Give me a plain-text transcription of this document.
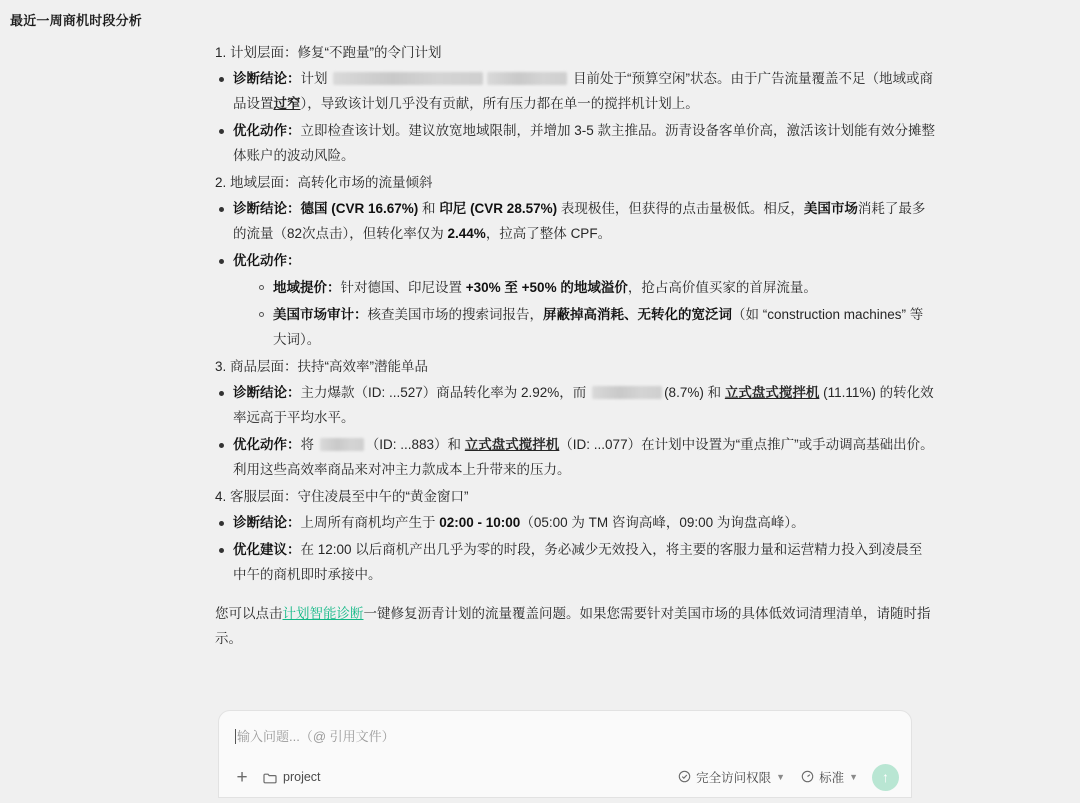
最近一周商机时段分析
1. 计划层面：修复“不跑量”的令门计划
诊断结论：计划	目前处于“预算空闲”状态。由于广告流量覆盖不足（地域或商品设置过窄），导致该计划几乎没有贡献，所有压力都在单一的搅拌机计划上。
优化动作：立即检查该计划。建议放宽地域限制，并增加 3-5 款主推品。沥青设备客单价高，激活该计划能有效分摊整体账户的波动风险。
2. 地域层面：高转化市场的流量倾斜
诊断结论：德国 (CVR 16.67%) 和 印尼 (CVR 28.57%) 表现极佳，但获得的点击量极低。相反，美国市场消耗了最多的流量（82次点击），但转化率仅为 2.44%，拉高了整体 CPF。
优化动作：
地域提价：针对德国、印尼设置 +30% 至 +50% 的地域溢价，抢占高价值买家的首屏流量。
美国市场审计：核查美国市场的搜索词报告，屏蔽掉高消耗、无转化的宽泛词（如 “construction machines” 等大词）。
3. 商品层面：扶持“高效率”潜能单品
诊断结论：主力爆款（ID: ...527）商品转化率为 2.92%，而	(8.7%) 和 立式盘式搅拌机 (11.11%) 的转化效率远高于平均水平。
优化动作：将	（ID: ...883）和 立式盘式搅拌机（ID: ...077）在计划中设置为“重点推广”或手动调高基础出价。利用这些高效率商品来对冲主力款成本上升带来的压力。
4. 客服层面：守住凌晨至中午的“黄金窗口”
诊断结论：上周所有商机均产生于 02:00 - 10:00（05:00 为 TM 咨询高峰，09:00 为询盘高峰）。
优化建议：在 12:00 以后商机产出几乎为零的时段，务必减少无效投入，将主要的客服力量和运营精力投入到凌晨至中午的商机即时承接中。
您可以点击计划智能诊断一键修复沥青计划的流量覆盖问题。如果您需要针对美国市场的具体低效词清理清单，请随时指示。
输入问题...（@ 引用文件）
+	project	完全访问权限 ▼	标准 ▼	↑
